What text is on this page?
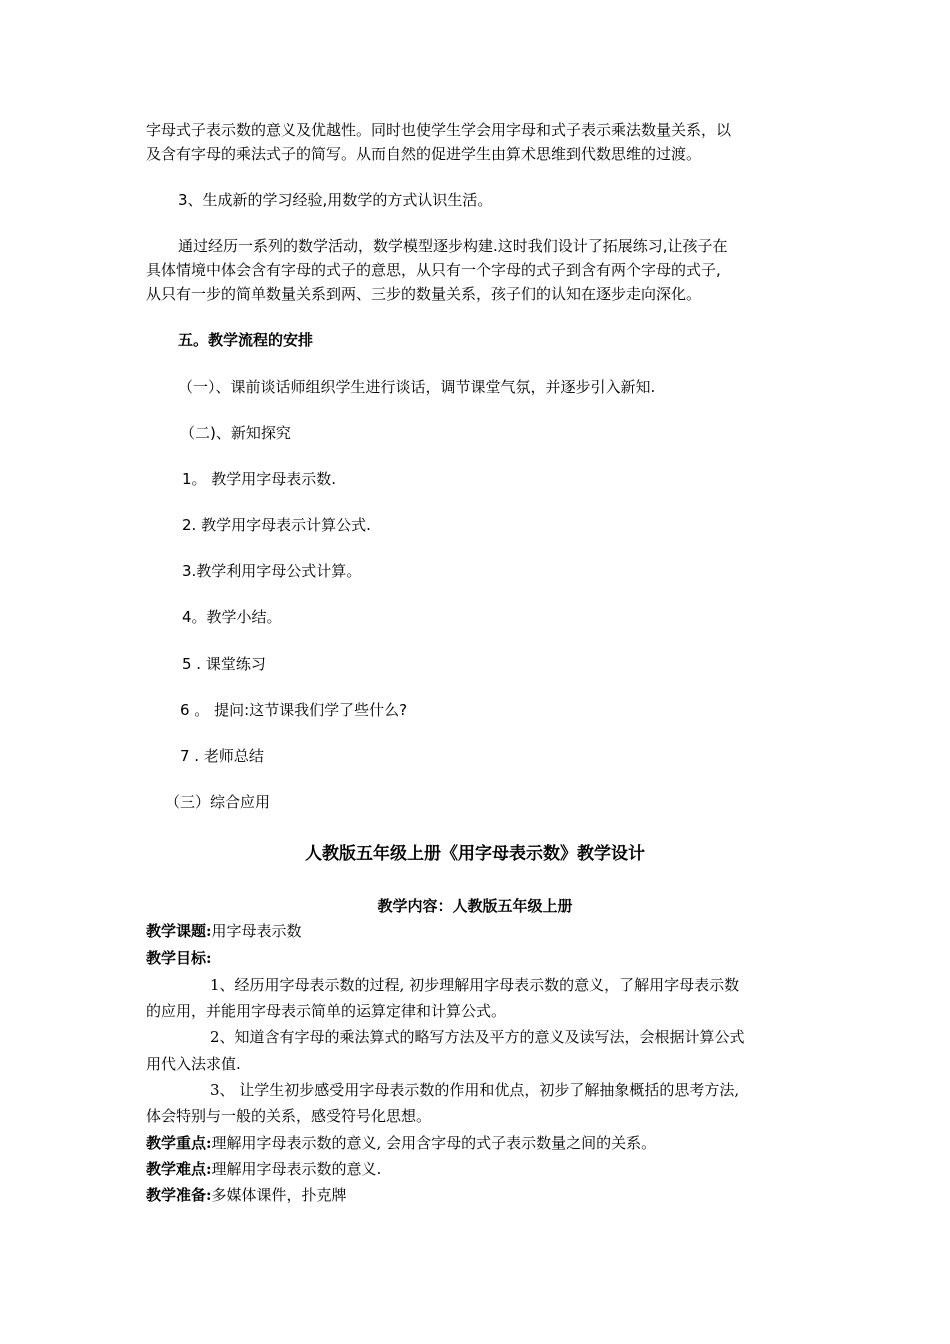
字母式子表示数的意义及优越性。同时也使学生学会用字母和式子表示乘法数量关系，以
及含有字母的乘法式子的简写。从而自然的促进学生由算术思维到代数思维的过渡。
3、生成新的学习经验,用数学的方式认识生活。
通过经历一系列的数学活动，数学模型逐步构建.这时我们设计了拓展练习,让孩子在
具体情境中体会含有字母的式子的意思，从只有一个字母的式子到含有两个字母的式子,
从只有一步的简单数量关系到两、三步的数量关系，孩子们的认知在逐步走向深化。
五。教学流程的安排
（一）、课前谈话师组织学生进行谈话，调节课堂气氛，并逐步引入新知.
（二)、新知探究
1。 教学用字母表示数.
2. 教学用字母表示计算公式.
3.教学利用字母公式计算。
4。教学小结。
5 . 课堂练习
6 。 提问:这节课我们学了些什么?
7 . 老师总结
（三）综合应用
人教版五年级上册《用字母表示数》教学设计
教学内容：人教版五年级上册
教学课题:用字母表示数
教学目标:
1、经历用字母表示数的过程, 初步理解用字母表示数的意义，了解用字母表示数
的应用，并能用字母表示简单的运算定律和计算公式。
2、知道含有字母的乘法算式的略写方法及平方的意义及读写法，会根据计算公式
用代入法求值.
3、 让学生初步感受用字母表示数的作用和优点，初步了解抽象概括的思考方法,
体会特别与一般的关系，感受符号化思想。
教学重点:理解用字母表示数的意义, 会用含字母的式子表示数量之间的关系。
教学难点:理解用字母表示数的意义.
教学准备:多媒体课件，扑克牌
